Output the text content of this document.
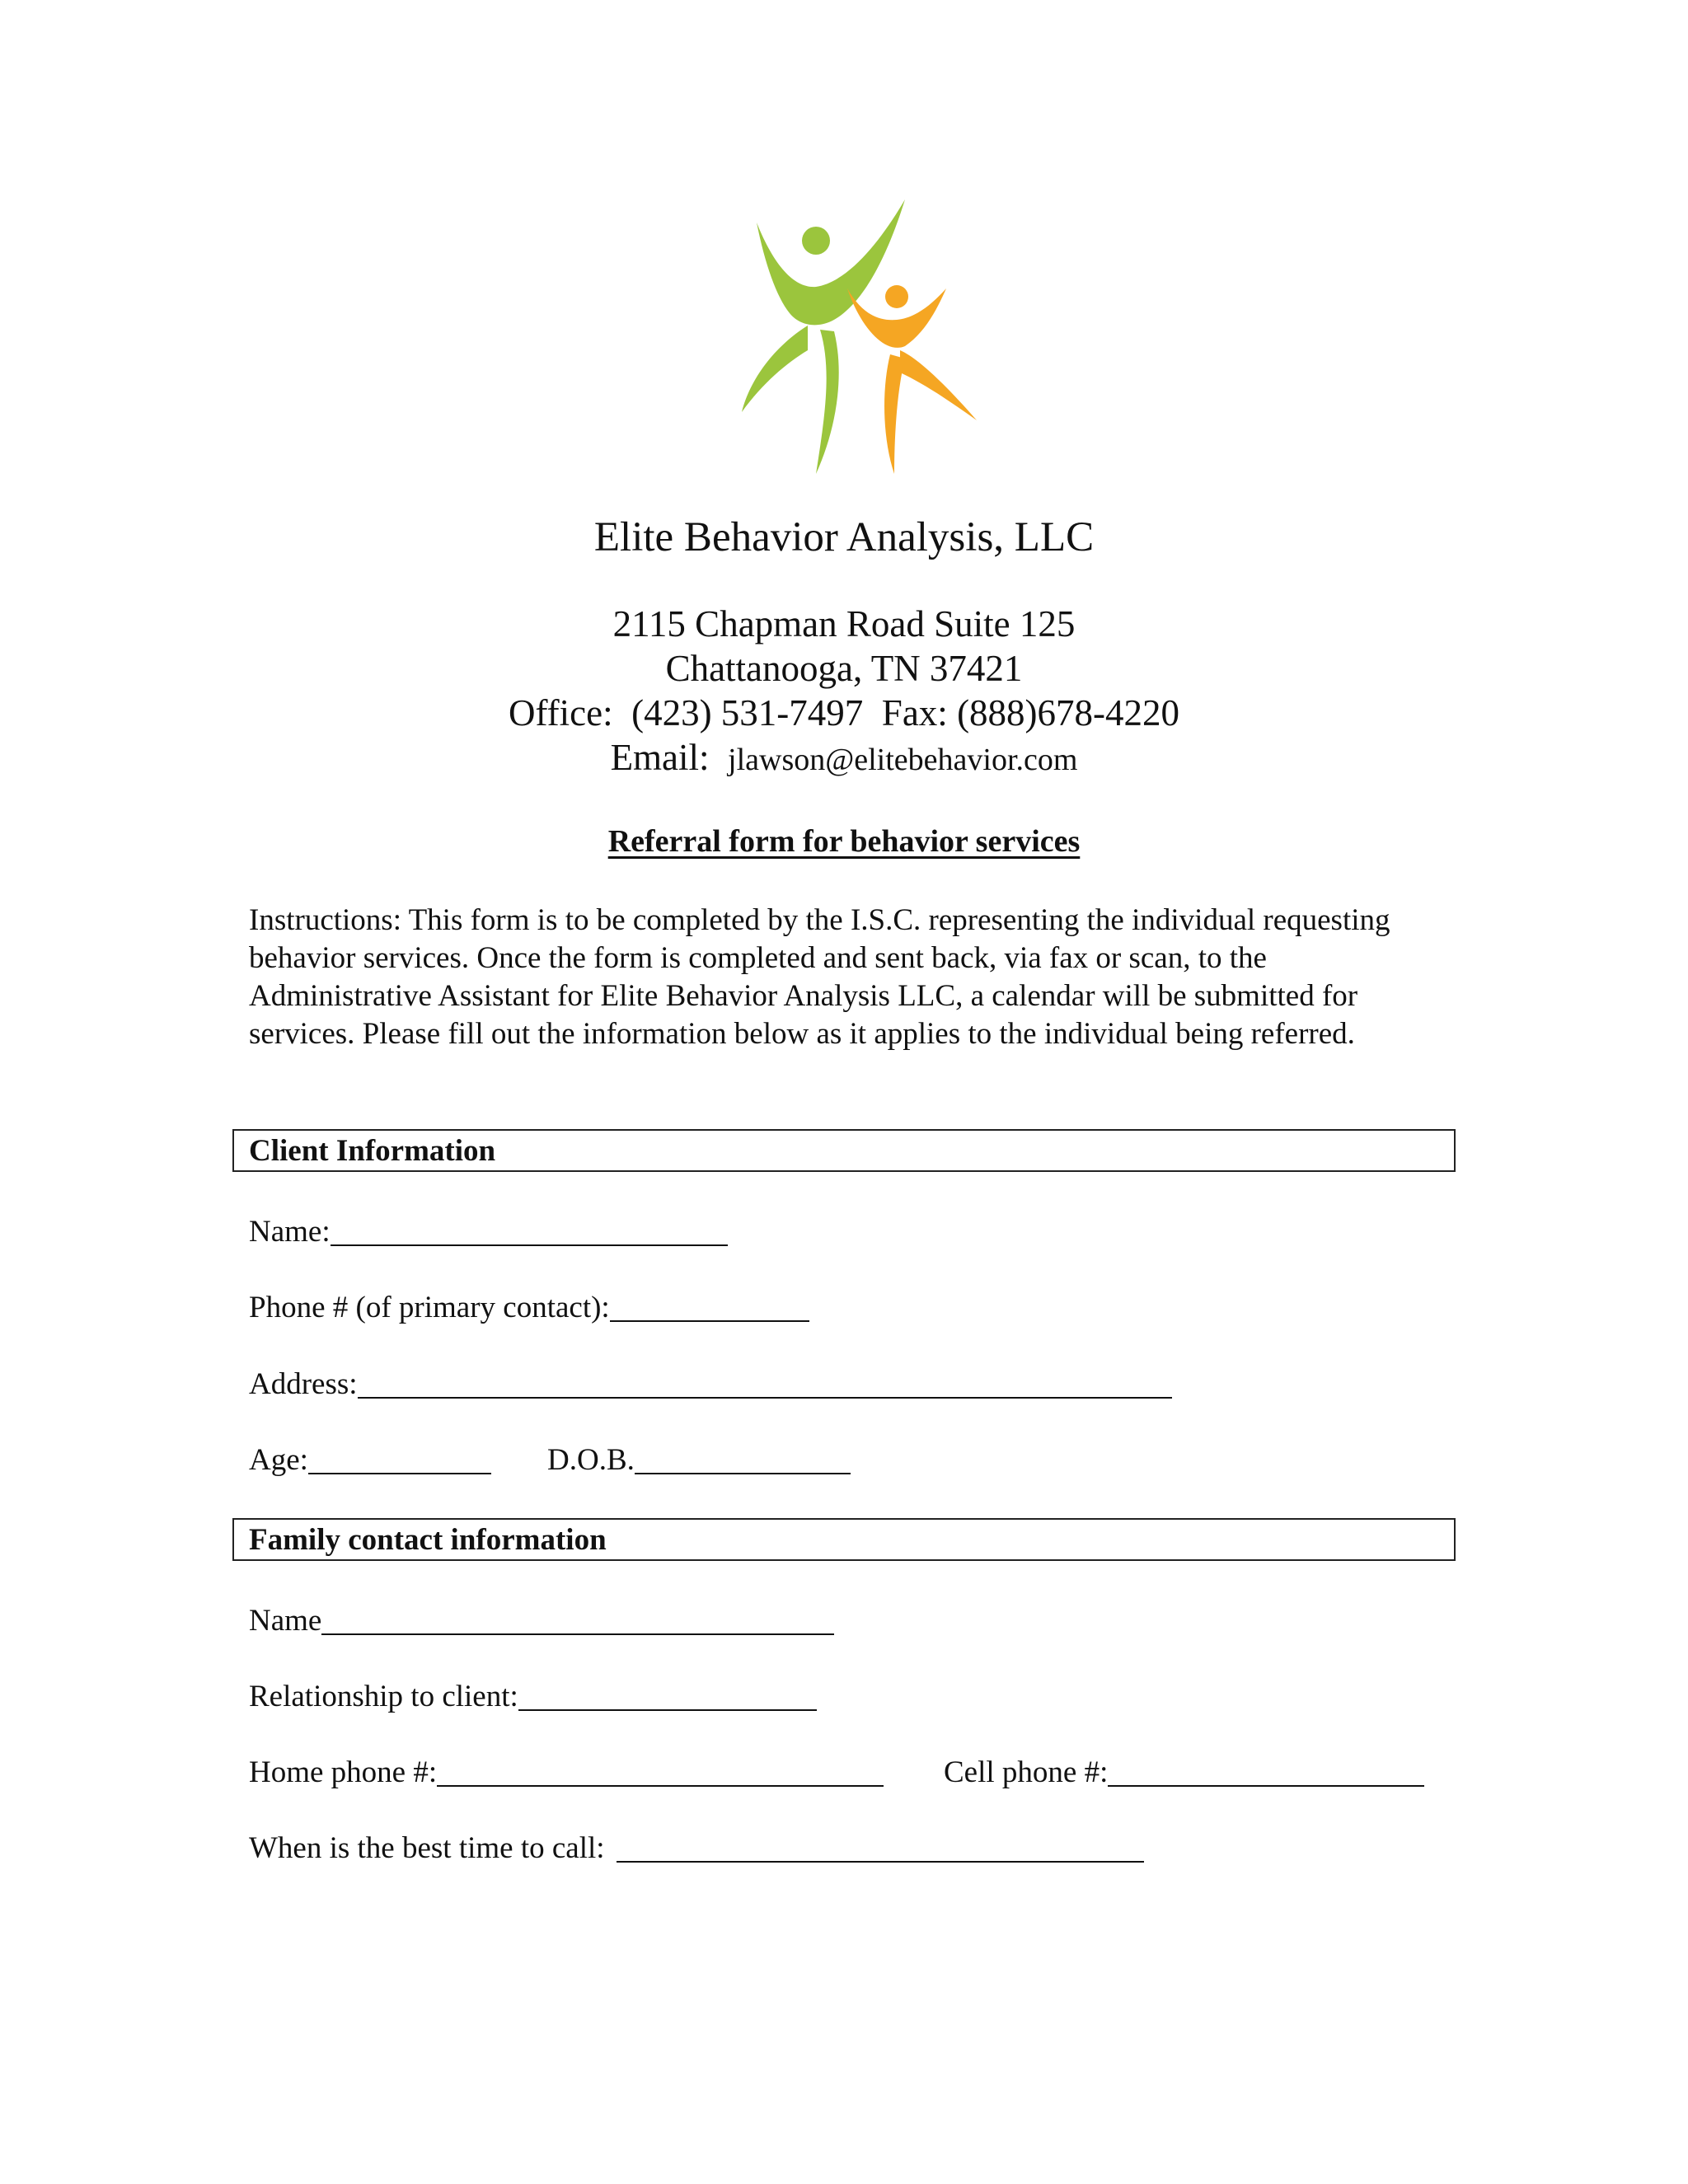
Elite Behavior Analysis, LLC
2115 Chapman Road Suite 125
Chattanooga, TN 37421
Office: (423) 531-7497 Fax: (888)678-4220
Email: jlawson@elitebehavior.com
Referral form for behavior services
Instructions: This form is to be completed by the I.S.C. representing the individual requesting behavior services. Once the form is completed and sent back, via fax or scan, to the Administrative Assistant for Elite Behavior Analysis LLC, a calendar will be submitted for services. Please fill out the information below as it applies to the individual being referred.
Client Information
Name:
Phone # (of primary contact):
Address:
Age:	D.O.B.
Family contact information
Name
Relationship to client:
Home phone #:	Cell phone #:
When is the best time to call:
